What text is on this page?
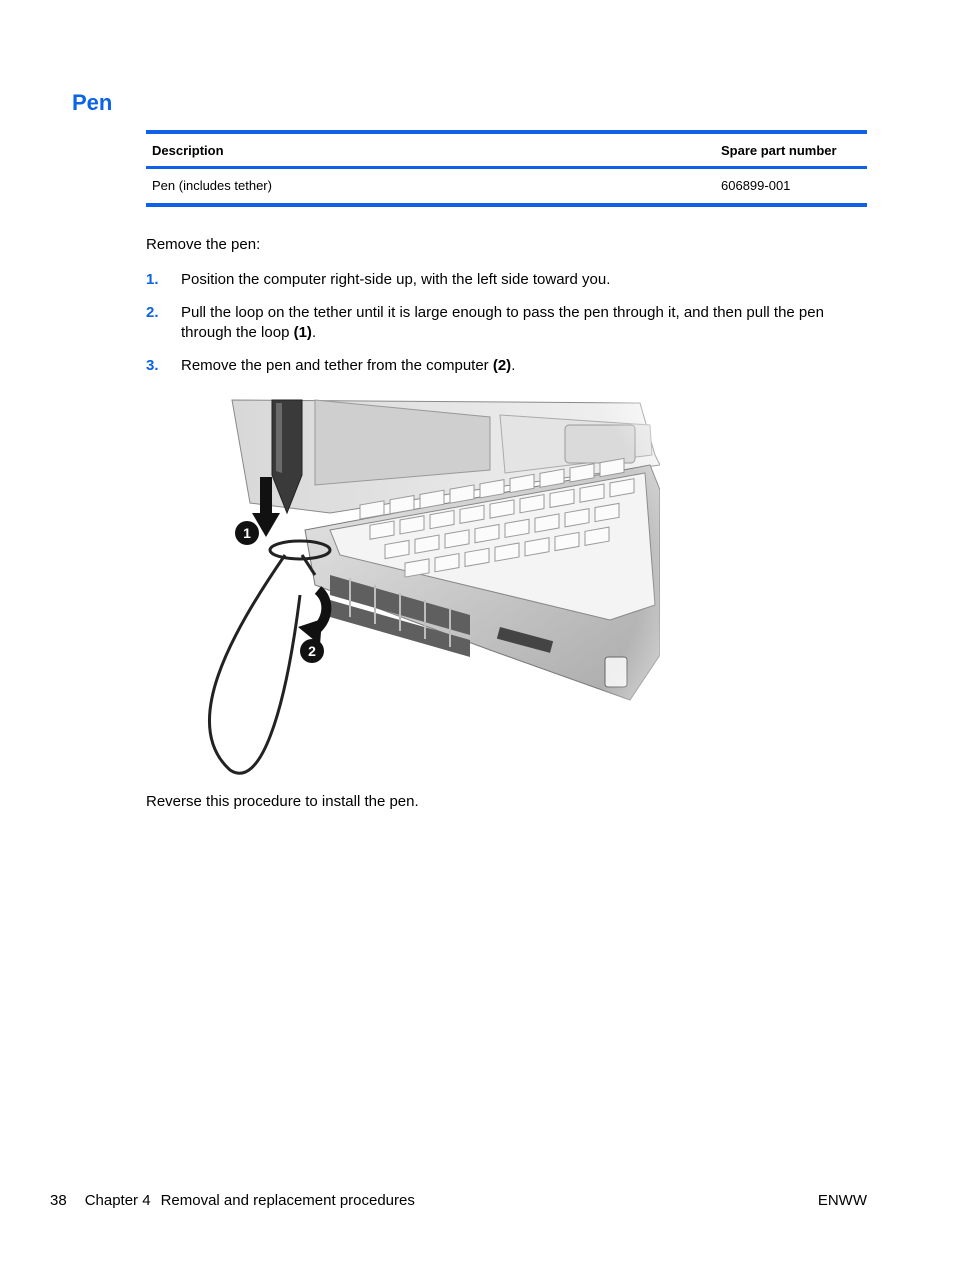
Pen
Description	Spare part number
Pen (includes tether)	606899-001

Remove the pen:

1. Position the computer right-side up, with the left side toward you.
2. Pull the loop on the tether until it is large enough to pass the pen through it, and then pull the pen through the loop (1).
3. Remove the pen and tether from the computer (2).

Reverse this procedure to install the pen.

38 Chapter 4 Removal and replacement procedures	ENWW
